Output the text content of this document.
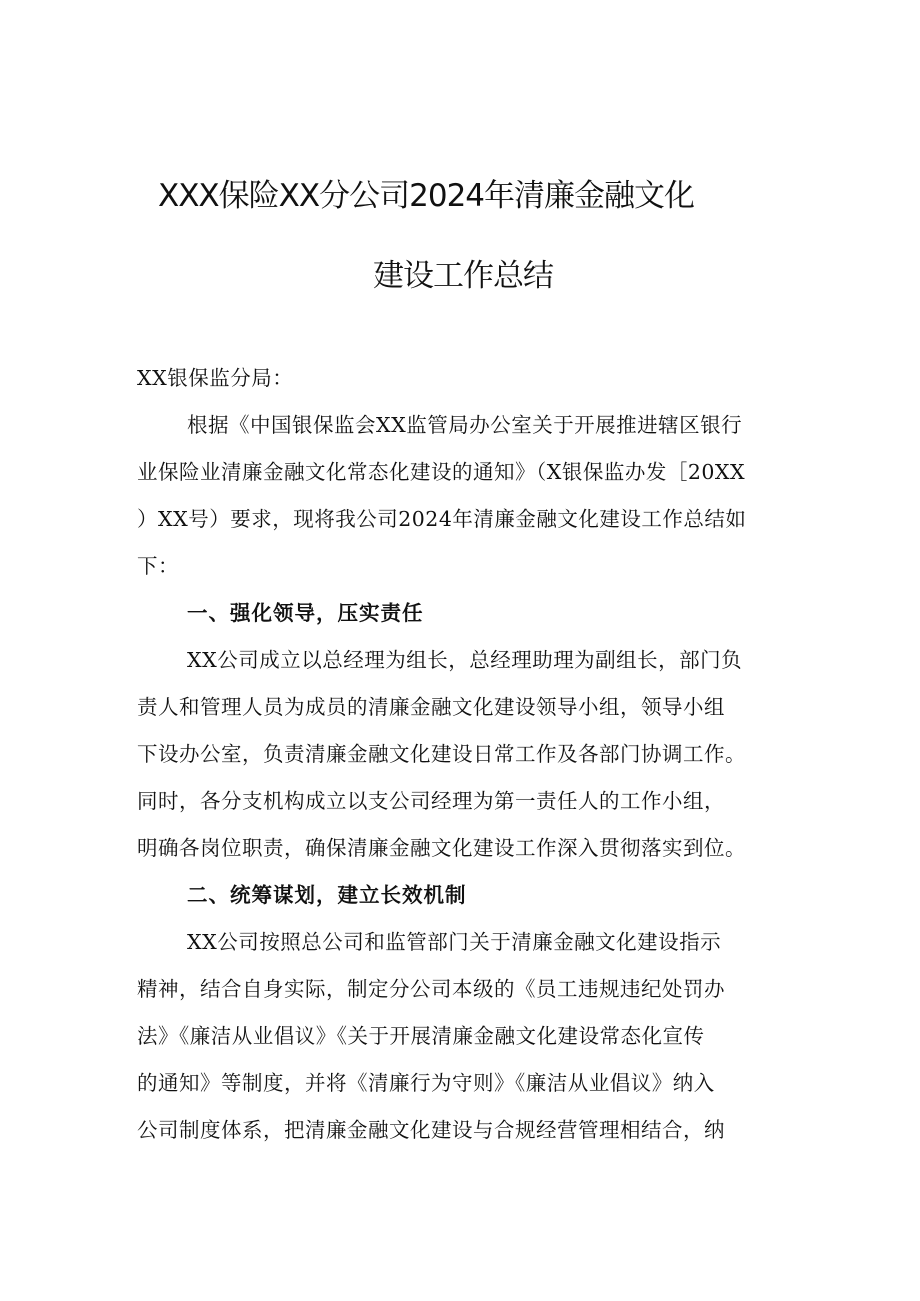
XXX保险XX分公司2024年清廉金融文化
建设工作总结
XX银保监分局：
根据《中国银保监会XX监管局办公室关于开展推进辖区银行
业保险业清廉金融文化常态化建设的通知》（X银保监办发［20XX
）XX号）要求，现将我公司2024年清廉金融文化建设工作总结如
下：
一、强化领导，压实责任
XX公司成立以总经理为组长，总经理助理为副组长，部门负
责人和管理人员为成员的清廉金融文化建设领导小组，领导小组
下设办公室，负责清廉金融文化建设日常工作及各部门协调工作。
同时，各分支机构成立以支公司经理为第一责任人的工作小组，
明确各岗位职责，确保清廉金融文化建设工作深入贯彻落实到位。
二、统筹谋划，建立长效机制
XX公司按照总公司和监管部门关于清廉金融文化建设指示
精神，结合自身实际，制定分公司本级的《员工违规违纪处罚办
法》《廉洁从业倡议》《关于开展清廉金融文化建设常态化宣传
的通知》等制度，并将《清廉行为守则》《廉洁从业倡议》纳入
公司制度体系，把清廉金融文化建设与合规经营管理相结合，纳
